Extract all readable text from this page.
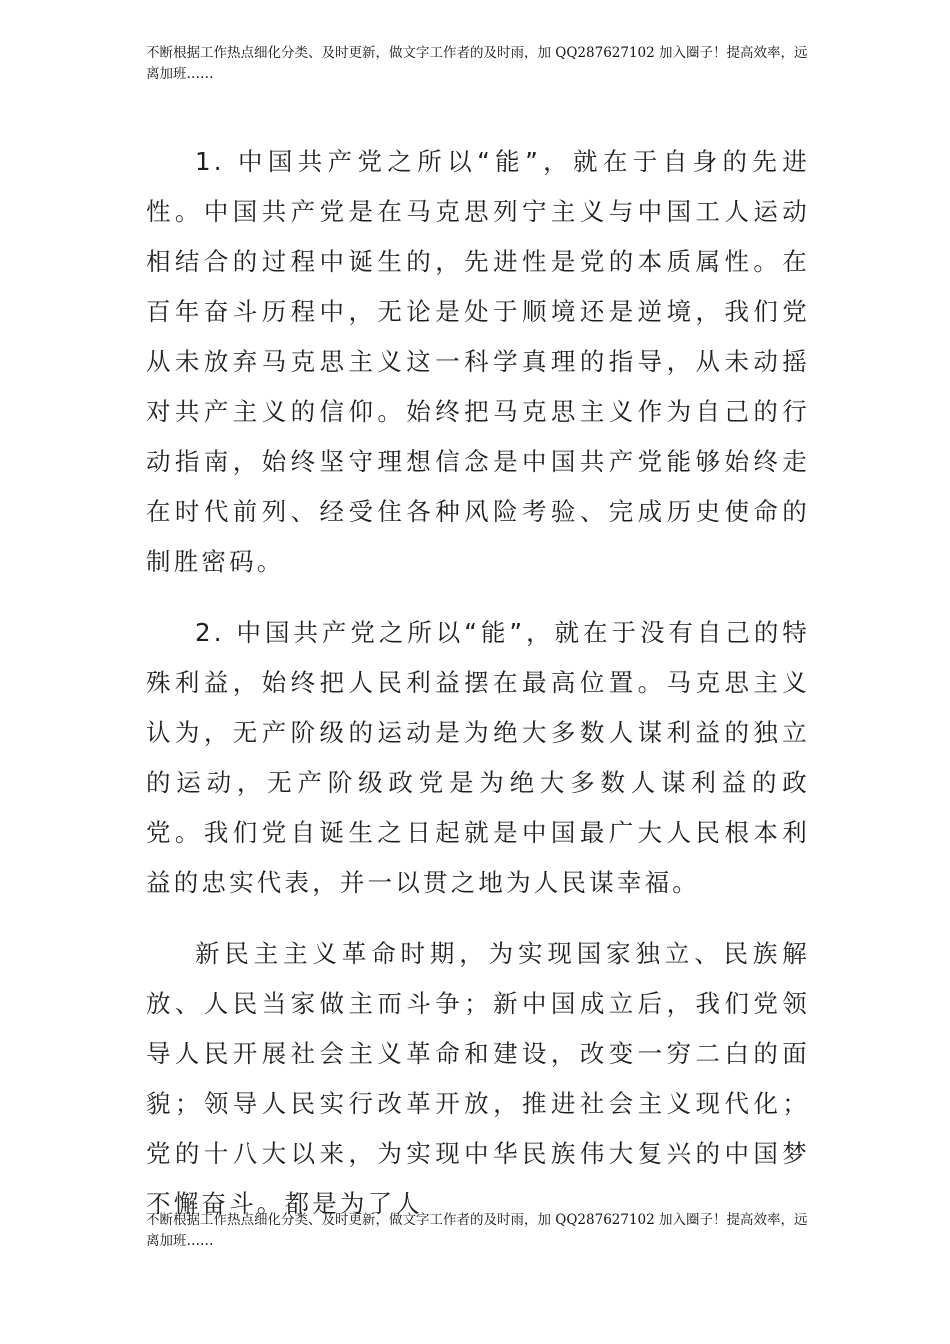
不断根据工作热点细化分类、及时更新，做文字工作者的及时雨，加 QQ287627102 加入圈子！提高效率，远离加班……

1. 中国共产党之所以“能”，就在于自身的先进性。中国共产党是在马克思列宁主义与中国工人运动相结合的过程中诞生的，先进性是党的本质属性。在百年奋斗历程中，无论是处于顺境还是逆境，我们党从未放弃马克思主义这一科学真理的指导，从未动摇对共产主义的信仰。始终把马克思主义作为自己的行动指南，始终坚守理想信念是中国共产党能够始终走在时代前列、经受住各种风险考验、完成历史使命的制胜密码。

2. 中国共产党之所以“能”，就在于没有自己的特殊利益，始终把人民利益摆在最高位置。马克思主义认为，无产阶级的运动是为绝大多数人谋利益的独立的运动，无产阶级政党是为绝大多数人谋利益的政党。我们党自诞生之日起就是中国最广大人民根本利益的忠实代表，并一以贯之地为人民谋幸福。

新民主主义革命时期，为实现国家独立、民族解放、人民当家做主而斗争；新中国成立后，我们党领导人民开展社会主义革命和建设，改变一穷二白的面貌；领导人民实行改革开放，推进社会主义现代化；党的十八大以来，为实现中华民族伟大复兴的中国梦不懈奋斗。都是为了人

不断根据工作热点细化分类、及时更新，做文字工作者的及时雨，加 QQ287627102 加入圈子！提高效率，远离加班……
